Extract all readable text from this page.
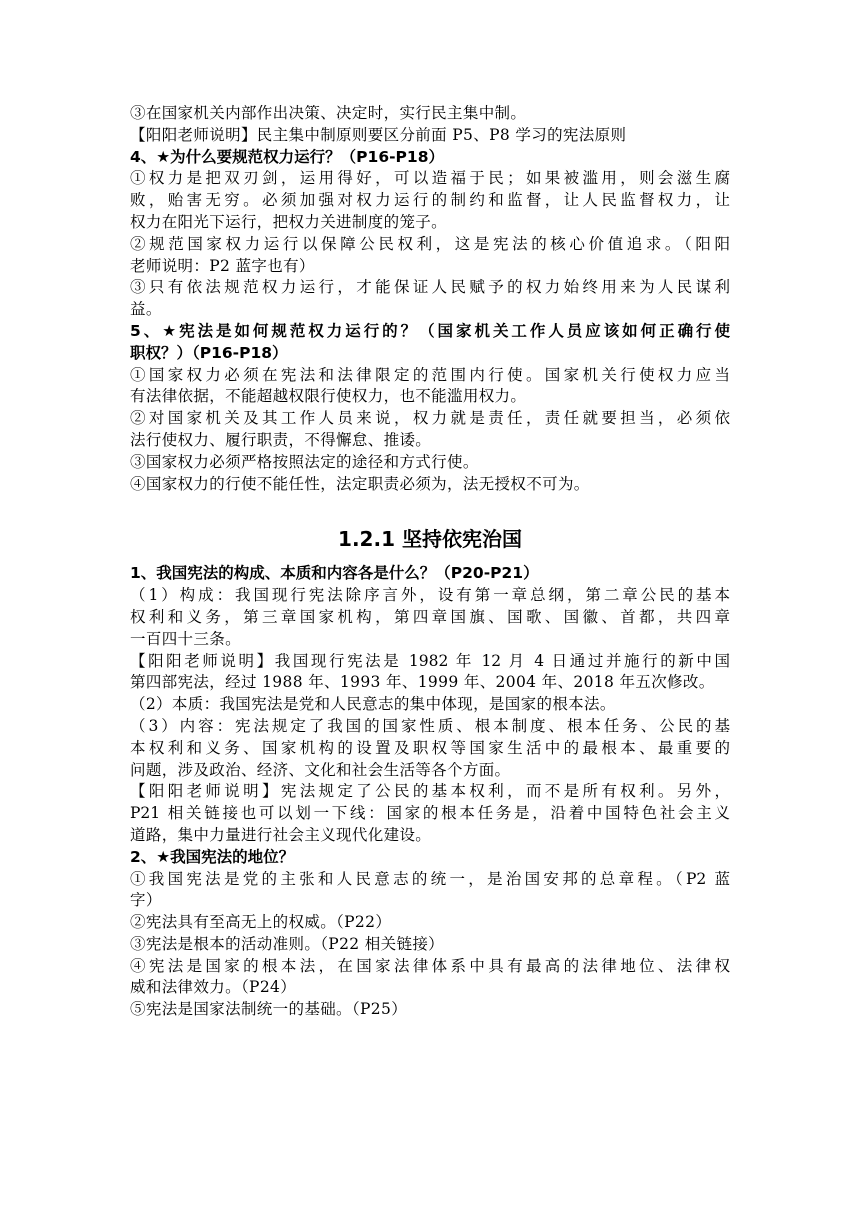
③在国家机关内部作出决策、决定时，实行民主集中制。
【阳阳老师说明】民主集中制原则要区分前面 P5、P8 学习的宪法原则
4、★为什么要规范权力运行？（P16-P18）
①权力是把双刃剑，运用得好，可以造福于民；如果被滥用，则会滋生腐
败，贻害无穷。必须加强对权力运行的制约和监督，让人民监督权力，让
权力在阳光下运行，把权力关进制度的笼子。
②规范国家权力运行以保障公民权利，这是宪法的核心价值追求。（阳阳
老师说明：P2 蓝字也有）
③只有依法规范权力运行，才能保证人民赋予的权力始终用来为人民谋利
益。
5、★宪法是如何规范权力运行的？（国家机关工作人员应该如何正确行使
职权？）（P16-P18）
①国家权力必须在宪法和法律限定的范围内行使。国家机关行使权力应当
有法律依据，不能超越权限行使权力，也不能滥用权力。
②对国家机关及其工作人员来说，权力就是责任，责任就要担当，必须依
法行使权力、履行职责，不得懈怠、推诿。
③国家权力必须严格按照法定的途径和方式行使。
④国家权力的行使不能任性，法定职责必须为，法无授权不可为。
1.2.1 坚持依宪治国
1、我国宪法的构成、本质和内容各是什么？（P20-P21）
（1）构成：我国现行宪法除序言外，设有第一章总纲，第二章公民的基本
权利和义务，第三章国家机构，第四章国旗、国歌、国徽、首都，共四章
一百四十三条。
【阳阳老师说明】我国现行宪法是 1982 年 12 月 4 日通过并施行的新中国
第四部宪法，经过 1988 年、1993 年、1999 年、2004 年、2018 年五次修改。
（2）本质：我国宪法是党和人民意志的集中体现，是国家的根本法。
（3）内容：宪法规定了我国的国家性质、根本制度、根本任务、公民的基
本权利和义务、国家机构的设置及职权等国家生活中的最根本、最重要的
问题，涉及政治、经济、文化和社会生活等各个方面。
【阳阳老师说明】宪法规定了公民的基本权利，而不是所有权利。另外，
P21 相关链接也可以划一下线：国家的根本任务是，沿着中国特色社会主义
道路，集中力量进行社会主义现代化建设。
2、★我国宪法的地位？
①我国宪法是党的主张和人民意志的统一，是治国安邦的总章程。（P2 蓝
字）
②宪法具有至高无上的权威。（P22）
③宪法是根本的活动准则。（P22 相关链接）
④宪法是国家的根本法，在国家法律体系中具有最高的法律地位、法律权
威和法律效力。（P24）
⑤宪法是国家法制统一的基础。（P25）
